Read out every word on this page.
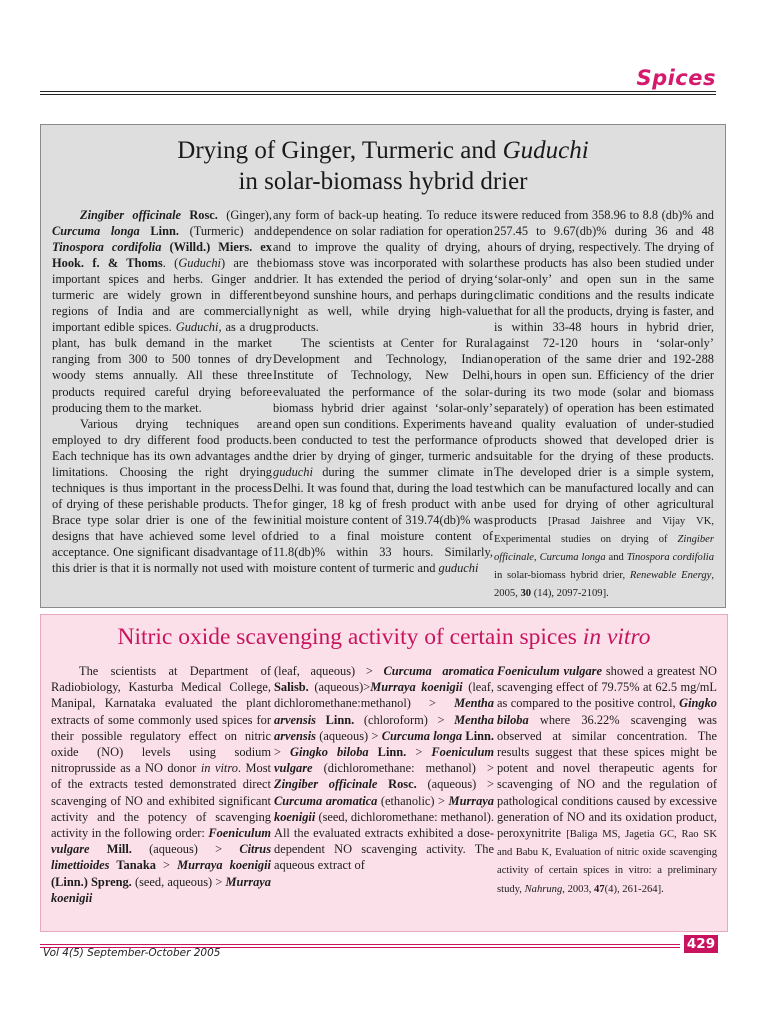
Spices
Drying of Ginger, Turmeric and Guduchi
in solar-biomass hybrid drier

Zingiber officinale Rosc. (Ginger), Curcuma longa Linn. (Turmeric) and Tinospora cordifolia (Willd.) Miers. ex Hook. f. & Thoms. (Guduchi) are the important spices and herbs. Ginger and turmeric are widely grown in different regions of India and are commercially important edible spices. Guduchi, as a drug plant, has bulk demand in the market ranging from 300 to 500 tonnes of dry woody stems annually. All these three products required careful drying before producing them to the market.

Various drying techniques are employed to dry different food products. Each technique has its own advantages and limitations. Choosing the right drying techniques is thus important in the process of drying of these perishable products. The Brace type solar drier is one of the few designs that have achieved some level of acceptance. One significant disadvantage of this drier is that it is normally not used with

any form of back-up heating. To reduce its dependence on solar radiation for operation and to improve the quality of drying, a biomass stove was incorporated with solar drier. It has extended the period of drying beyond sunshine hours, and perhaps during night as well, while drying high-value products.

The scientists at Center for Rural Development and Technology, Indian Institute of Technology, New Delhi, evaluated the performance of the solar-biomass hybrid drier against ‘solar-only’ and open sun conditions. Experiments have been conducted to test the performance of the drier by drying of ginger, turmeric and guduchi during the summer climate in Delhi. It was found that, during the load test for ginger, 18 kg of fresh product with an initial moisture content of 319.74(db)% was dried to a final moisture content of 11.8(db)% within 33 hours. Similarly, moisture content of turmeric and guduchi

were reduced from 358.96 to 8.8 (db)% and 257.45 to 9.67(db)% during 36 and 48 hours of drying, respectively. The drying of these products has also been studied under ‘solar-only’ and open sun in the same climatic conditions and the results indicate that for all the products, drying is faster, and is within 33-48 hours in hybrid drier, against 72-120 hours in ‘solar-only’ operation of the same drier and 192-288 hours in open sun. Efficiency of the drier during its two mode (solar and biomass separately) of operation has been estimated and quality evaluation of under-studied products showed that developed drier is suitable for the drying of these products. The developed drier is a simple system, which can be manufactured locally and can be used for drying of other agricultural products [Prasad Jaishree and Vijay VK, Experimental studies on drying of Zingiber officinale, Curcuma longa and Tinospora cordifolia in solar-biomass hybrid drier, Renewable Energy, 2005, 30 (14), 2097-2109].

Nitric oxide scavenging activity of certain spices in vitro

The scientists at Department of Radiobiology, Kasturba Medical College, Manipal, Karnataka evaluated the plant extracts of some commonly used spices for their possible regulatory effect on nitric oxide (NO) levels using sodium nitroprusside as a NO donor in vitro. Most of the extracts tested demonstrated direct scavenging of NO and exhibited significant activity and the potency of scavenging activity in the following order: Foeniculum vulgare Mill. (aqueous) > Citrus limettioides Tanaka > Murraya koenigii (Linn.) Spreng. (seed, aqueous) > Murraya koenigii

(leaf, aqueous) > Curcuma aromatica Salisb. (aqueous)>Murraya koenigii (leaf, dichloromethane:methanol) > Mentha arvensis Linn. (chloroform) > Mentha arvensis (aqueous) > Curcuma longa Linn. > Gingko biloba Linn. > Foeniculum vulgare (dichloromethane: methanol) > Zingiber officinale Rosc. (aqueous) > Curcuma aromatica (ethanolic) > Murraya koenigii (seed, dichloromethane: methanol). All the evaluated extracts exhibited a dose-dependent NO scavenging activity. The aqueous extract of

Foeniculum vulgare showed a greatest NO scavenging effect of 79.75% at 62.5 mg/mL as compared to the positive control, Gingko biloba where 36.22% scavenging was observed at similar concentration. The results suggest that these spices might be potent and novel therapeutic agents for scavenging of NO and the regulation of pathological conditions caused by excessive generation of NO and its oxidation product, peroxynitrite [Baliga MS, Jagetia GC, Rao SK and Babu K, Evaluation of nitric oxide scavenging activity of certain spices in vitro: a preliminary study, Nahrung, 2003, 47(4), 261-264].

Vol 4(5) September-October 2005
429
